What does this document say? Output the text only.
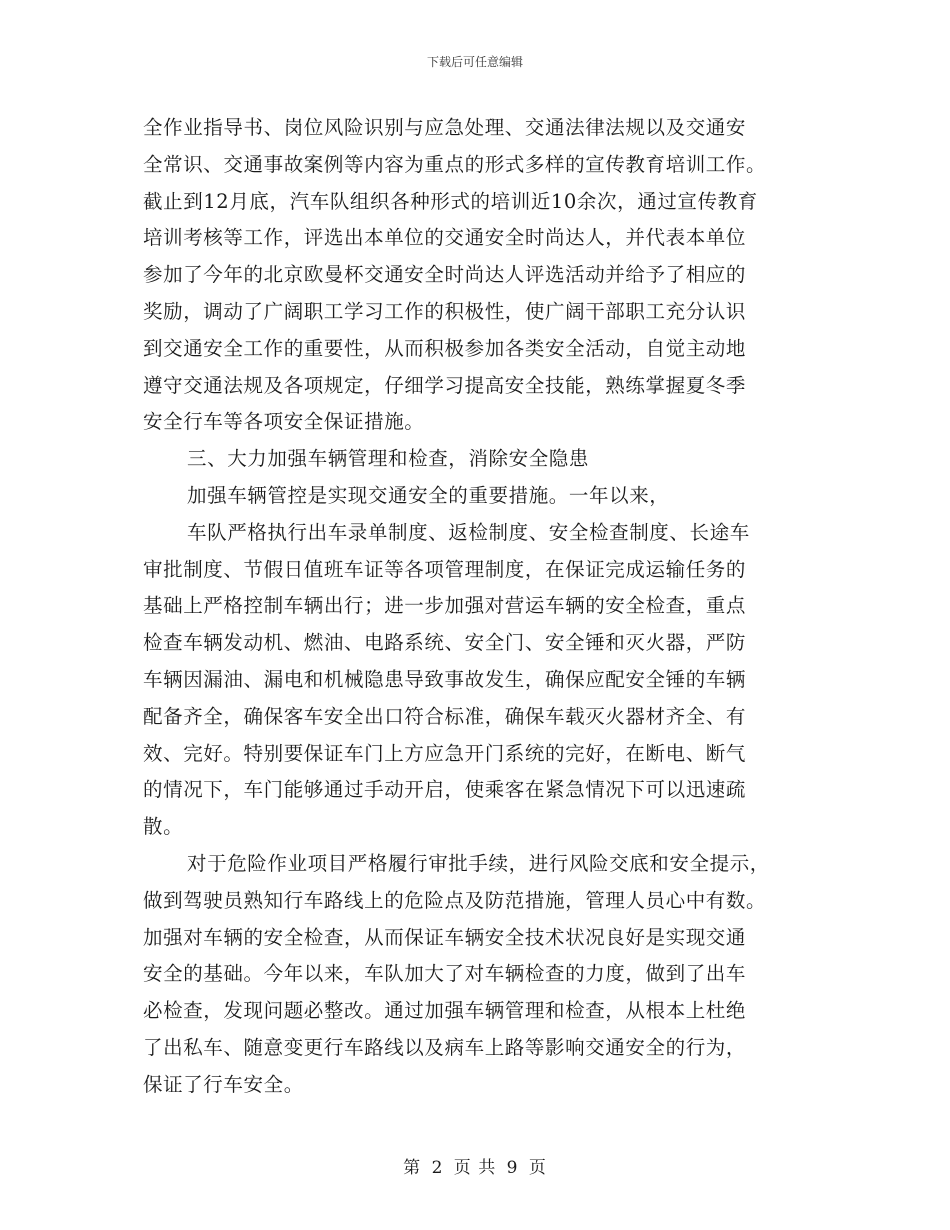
下载后可任意编辑
全作业指导书、岗位风险识别与应急处理、交通法律法规以及交通安
全常识、交通事故案例等内容为重点的形式多样的宣传教育培训工作。
截止到12月底，汽车队组织各种形式的培训近10余次，通过宣传教育
培训考核等工作，评选出本单位的交通安全时尚达人，并代表本单位
参加了今年的北京欧曼杯交通安全时尚达人评选活动并给予了相应的
奖励，调动了广阔职工学习工作的积极性，使广阔干部职工充分认识
到交通安全工作的重要性，从而积极参加各类安全活动，自觉主动地
遵守交通法规及各项规定，仔细学习提高安全技能，熟练掌握夏冬季
安全行车等各项安全保证措施。
三、大力加强车辆管理和检查，消除安全隐患
加强车辆管控是实现交通安全的重要措施。一年以来，
车队严格执行出车录单制度、返检制度、安全检查制度、长途车
审批制度、节假日值班车证等各项管理制度，在保证完成运输任务的
基础上严格控制车辆出行；进一步加强对营运车辆的安全检查，重点
检查车辆发动机、燃油、电路系统、安全门、安全锤和灭火器，严防
车辆因漏油、漏电和机械隐患导致事故发生，确保应配安全锤的车辆
配备齐全，确保客车安全出口符合标准，确保车载灭火器材齐全、有
效、完好。特别要保证车门上方应急开门系统的完好，在断电、断气
的情况下，车门能够通过手动开启，使乘客在紧急情况下可以迅速疏
散。
对于危险作业项目严格履行审批手续，进行风险交底和安全提示，
做到驾驶员熟知行车路线上的危险点及防范措施，管理人员心中有数。
加强对车辆的安全检查，从而保证车辆安全技术状况良好是实现交通
安全的基础。今年以来，车队加大了对车辆检查的力度，做到了出车
必检查，发现问题必整改。通过加强车辆管理和检查，从根本上杜绝
了出私车、随意变更行车路线以及病车上路等影响交通安全的行为，
保证了行车安全。
第 2 页 共 9 页
